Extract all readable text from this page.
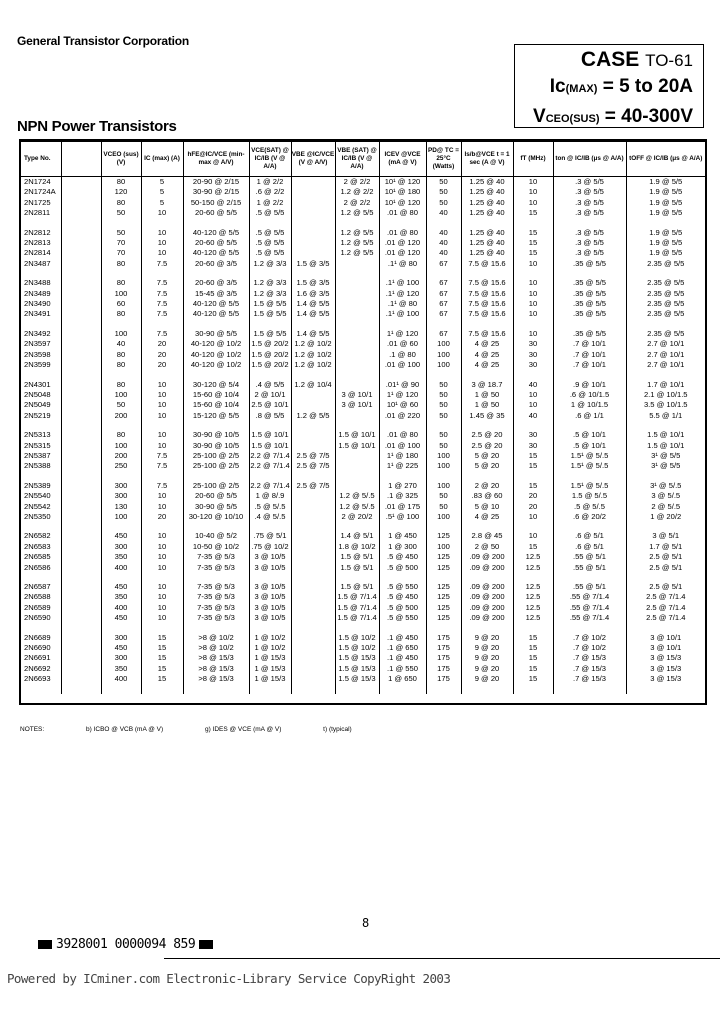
General Transistor Corporation
CASE TO-61
Ic(MAX) = 5 to 20A
VCEO(SUS) = 40-300V
NPN Power Transistors
Type No.		VCEO (sus) (V)	IC (max) (A)	hFE@IC/VCE (min-max @ A/V)	VCE(SAT) @ IC/IB (V @ A/A)	VBE @IC/VCE (V @ A/V)	VBE (SAT) @ IC/IB (V @ A/A)	ICEV @VCE (mA @ V)	PD@ TC = 25°C (Watts)	Is/b@VCE t = 1 sec (A @ V)	fT (MHz)	ton @ IC/IB (μs @ A/A)	tOFF @ IC/IB (μs @ A/A)
2N1724		80	5	20-90 @ 2/15	1 @ 2/2		2 @ 2/2	10¹ @ 120	50	1.25 @ 40	10	.3 @ 5/5	1.9 @ 5/5
2N1724A		120	5	30-90 @ 2/15	.6 @ 2/2		1.2 @ 2/2	10¹ @ 180	50	1.25 @ 40	10	.3 @ 5/5	1.9 @ 5/5
2N1725		80	5	50-150 @ 2/15	1 @ 2/2		2 @ 2/2	10¹ @ 120	50	1.25 @ 40	10	.3 @ 5/5	1.9 @ 5/5
2N2811		50	10	20-60 @ 5/5	.5 @ 5/5		1.2 @ 5/5	.01 @ 80	40	1.25 @ 40	15	.3 @ 5/5	1.9 @ 5/5

2N2812		50	10	40-120 @ 5/5	.5 @ 5/5		1.2 @ 5/5	.01 @ 80	40	1.25 @ 40	15	.3 @ 5/5	1.9 @ 5/5
2N2813		70	10	20-60 @ 5/5	.5 @ 5/5		1.2 @ 5/5	.01 @ 120	40	1.25 @ 40	15	.3 @ 5/5	1.9 @ 5/5
2N2814		70	10	40-120 @ 5/5	.5 @ 5/5		1.2 @ 5/5	.01 @ 120	40	1.25 @ 40	15	.3 @ 5/5	1.9 @ 5/5
2N3487		80	7.5	20-60 @ 3/5	1.2 @ 3/3	1.5 @ 3/5		.1¹ @ 80	67	7.5 @ 15.6	10	.35 @ 5/5	2.35 @ 5/5

2N3488		80	7.5	20-60 @ 3/5	1.2 @ 3/3	1.5 @ 3/5		.1¹ @ 100	67	7.5 @ 15.6	10	.35 @ 5/5	2.35 @ 5/5
2N3489		100	7.5	15-45 @ 3/5	1.2 @ 3/3	1.6 @ 3/5		.1¹ @ 120	67	7.5 @ 15.6	10	.35 @ 5/5	2.35 @ 5/5
2N3490		60	7.5	40-120 @ 5/5	1.5 @ 5/5	1.4 @ 5/5		.1¹ @ 80	67	7.5 @ 15.6	10	.35 @ 5/5	2.35 @ 5/5
2N3491		80	7.5	40-120 @ 5/5	1.5 @ 5/5	1.4 @ 5/5		.1¹ @ 100	67	7.5 @ 15.6	10	.35 @ 5/5	2.35 @ 5/5

2N3492		100	7.5	30-90 @ 5/5	1.5 @ 5/5	1.4 @ 5/5		1¹ @ 120	67	7.5 @ 15.6	10	.35 @ 5/5	2.35 @ 5/5
2N3597		40	20	40-120 @ 10/2	1.5 @ 20/2	1.2 @ 10/2		.01 @ 60	100	4 @ 25	30	.7 @ 10/1	2.7 @ 10/1
2N3598		80	20	40-120 @ 10/2	1.5 @ 20/2	1.2 @ 10/2		.1 @ 80	100	4 @ 25	30	.7 @ 10/1	2.7 @ 10/1
2N3599		80	20	40-120 @ 10/2	1.5 @ 20/2	1.2 @ 10/2		.01 @ 100	100	4 @ 25	30	.7 @ 10/1	2.7 @ 10/1

2N4301		80	10	30-120 @ 5/4	.4 @ 5/5	1.2 @ 10/4		.01¹ @ 90	50	3 @ 18.7	40	.9 @ 10/1	1.7 @ 10/1
2N5048		100	10	15-60 @ 10/4	2 @ 10/1		3 @ 10/1	1¹ @ 120	50	1 @ 50	10	.6 @ 10/1.5	2.1 @ 10/1.5
2N5049		50	10	15-60 @ 10/4	2.5 @ 10/1		3 @ 10/1	10¹ @ 60	50	1 @ 50	10	1 @ 10/1.5	3.5 @ 10/1.5
2N5219		200	10	15-120 @ 5/5	.8 @ 5/5	1.2 @ 5/5		.01 @ 220	50	1.45 @ 35	40	.6 @ 1/1	5.5 @ 1/1

2N5313		80	10	30-90 @ 10/5	1.5 @ 10/1		1.5 @ 10/1	.01 @ 80	50	2.5 @ 20	30	.5 @ 10/1	1.5 @ 10/1
2N5315		100	10	30-90 @ 10/5	1.5 @ 10/1		1.5 @ 10/1	.01 @ 100	50	2.5 @ 20	30	.5 @ 10/1	1.5 @ 10/1
2N5387		200	7.5	25-100 @ 2/5	2.2 @ 7/1.4	2.5 @ 7/5		1¹ @ 180	100	5 @ 20	15	1.5¹ @ 5/.5	3¹ @ 5/5
2N5388		250	7.5	25-100 @ 2/5	2.2 @ 7/1.4	2.5 @ 7/5		1¹ @ 225	100	5 @ 20	15	1.5¹ @ 5/.5	3¹ @ 5/5

2N5389		300	7.5	25-100 @ 2/5	2.2 @ 7/1.4	2.5 @ 7/5		1 @ 270	100	2 @ 20	15	1.5¹ @ 5/.5	3¹ @ 5/.5
2N5540		300	10	20-60 @ 5/5	1 @ 8/.9		1.2 @ 5/.5	.1 @ 325	50	.83 @ 60	20	1.5 @ 5/.5	3 @ 5/.5
2N5542		130	10	30-90 @ 5/5	.5 @ 5/.5		1.2 @ 5/.5	.01 @ 175	50	5 @ 10	20	.5 @ 5/.5	2 @ 5/.5
2N5350		100	20	30-120 @ 10/10	.4 @ 5/.5		2 @ 20/2	.5¹ @ 100	100	4 @ 25	10	.6 @ 20/2	1 @ 20/2

2N6582		450	10	10-40 @ 5/2	.75 @ 5/1		1.4 @ 5/1	1 @ 450	125	2.8 @ 45	10	.6 @ 5/1	3 @ 5/1
2N6583		300	10	10-50 @ 10/2	.75 @ 10/2		1.8 @ 10/2	1 @ 300	100	2 @ 50	15	.6 @ 5/1	1.7 @ 5/1
2N6585		350	10	7-35 @ 5/3	3 @ 10/5		1.5 @ 5/1	.5 @ 450	125	.09 @ 200	12.5	.55 @ 5/1	2.5 @ 5/1
2N6586		400	10	7-35 @ 5/3	3 @ 10/5		1.5 @ 5/1	.5 @ 500	125	.09 @ 200	12.5	.55 @ 5/1	2.5 @ 5/1

2N6587		450	10	7-35 @ 5/3	3 @ 10/5		1.5 @ 5/1	.5 @ 550	125	.09 @ 200	12.5	.55 @ 5/1	2.5 @ 5/1
2N6588		350	10	7-35 @ 5/3	3 @ 10/5		1.5 @ 7/1.4	.5 @ 450	125	.09 @ 200	12.5	.55 @ 7/1.4	2.5 @ 7/1.4
2N6589		400	10	7-35 @ 5/3	3 @ 10/5		1.5 @ 7/1.4	.5 @ 500	125	.09 @ 200	12.5	.55 @ 7/1.4	2.5 @ 7/1.4
2N6590		450	10	7-35 @ 5/3	3 @ 10/5		1.5 @ 7/1.4	.5 @ 550	125	.09 @ 200	12.5	.55 @ 7/1.4	2.5 @ 7/1.4

2N6689		300	15	>8 @ 10/2	1 @ 10/2		1.5 @ 10/2	.1 @ 450	175	9 @ 20	15	.7 @ 10/2	3 @ 10/1
2N6690		450	15	>8 @ 10/2	1 @ 10/2		1.5 @ 10/2	.1 @ 650	175	9 @ 20	15	.7 @ 10/2	3 @ 10/1
2N6691		300	15	>8 @ 15/3	1 @ 15/3		1.5 @ 15/3	.1 @ 450	175	9 @ 20	15	.7 @ 15/3	3 @ 15/3
2N6692		350	15	>8 @ 15/3	1 @ 15/3		1.5 @ 15/3	.1 @ 550	175	9 @ 20	15	.7 @ 15/3	3 @ 15/3
2N6693		400	15	>8 @ 15/3	1 @ 15/3		1.5 @ 15/3	1 @ 650	175	9 @ 20	15	.7 @ 15/3	3 @ 15/3

NOTES:	b) ICBO @ VCB (mA @ V)	g) IDES @ VCE (mA @ V)	t) (typical)
8
3928001 0000094 859
Powered by ICminer.com Electronic-Library Service CopyRight 2003
